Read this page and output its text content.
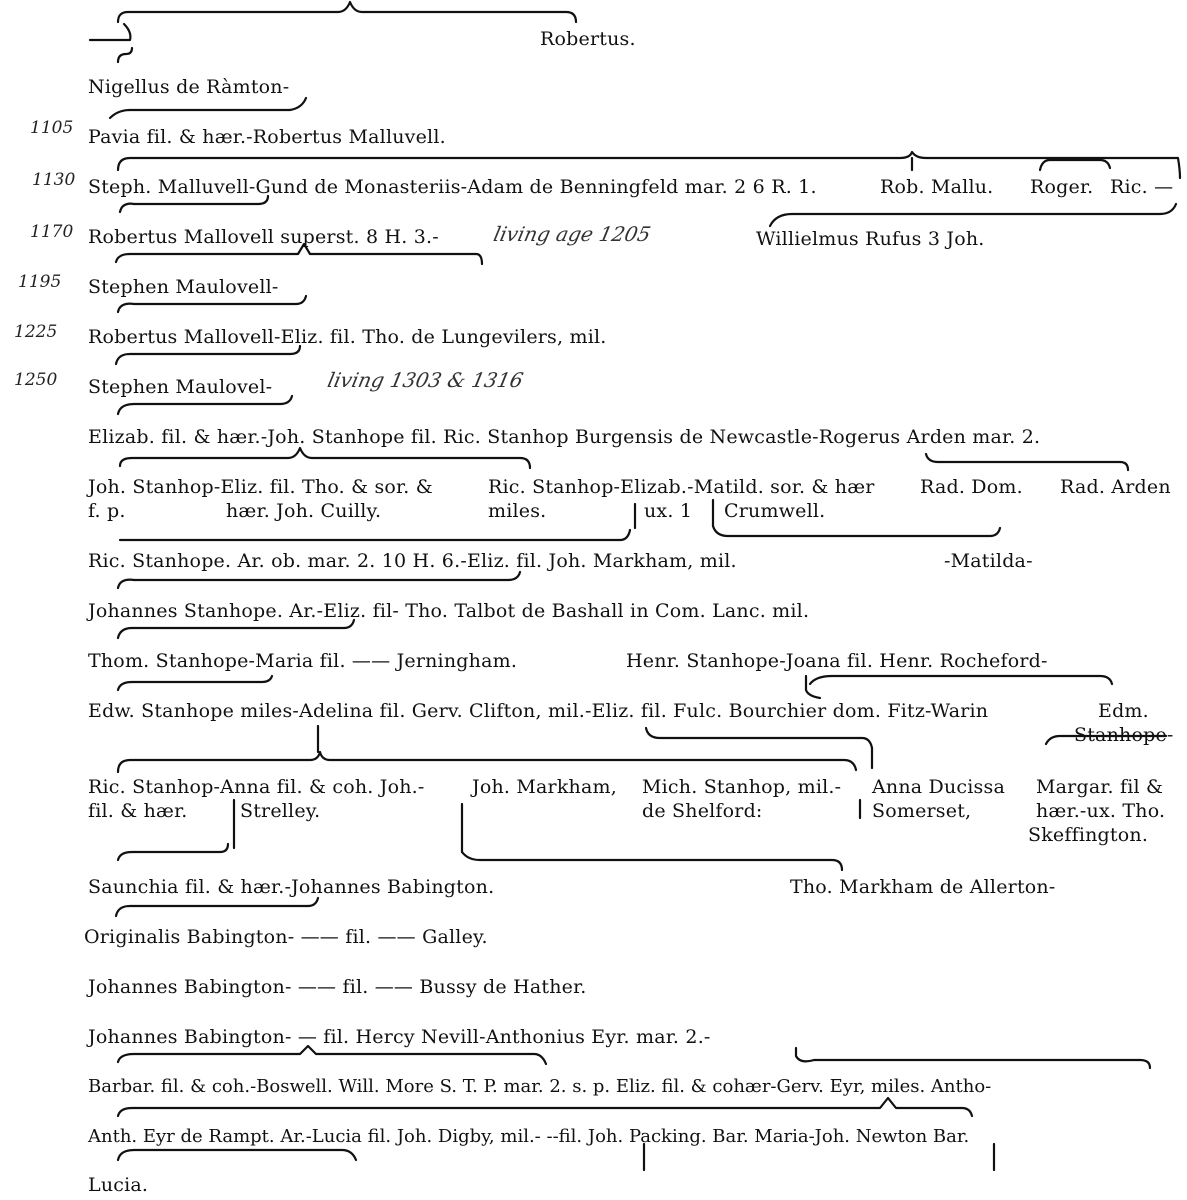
1105
1130
1170
1195
1225
1250
living age 1205
living 1303 & 1316
Robertus.
Nigellus de Ràmton-
Pavia fil. & hær.-Robertus Malluvell.
Steph. Malluvell-Gund de Monasteriis-Adam de Benningfeld mar. 2 6 R. 1.	Rob. Mallu. Roger. Ric. —
Robertus Mallovell superst. 8 H. 3.-	Willielmus Rufus 3 Joh.
Stephen Maulovell-
Robertus Mallovell-Eliz. fil. Tho. de Lungevilers, mil.
Stephen Maulovel-
Elizab. fil. & hær.-Joh. Stanhope fil. Ric. Stanhop Burgensis de Newcastle-Rogerus Arden mar. 2.
Joh. Stanhop-Eliz. fil. Tho. & sor. &	Ric. Stanhop-Elizab.-Matild. sor. & hær Rad. Dom. Rad. Arden
f. p.	hær. Joh. Cuilly.	miles.	ux. 1 Crumwell.
Ric. Stanhope. Ar. ob. mar. 2. 10 H. 6.-Eliz. fil. Joh. Markham, mil.	-Matilda-
Johannes Stanhope. Ar.-Eliz. fil- Tho. Talbot de Bashall in Com. Lanc. mil.
Thom. Stanhope-Maria fil. —— Jerningham.	Henr. Stanhope-Joana fil. Henr. Rocheford-
Edw. Stanhope miles-Adelina fil. Gerv. Clifton, mil.-Eliz. fil. Fulc. Bourchier dom. Fitz-Warin	Edm.
Stanhope-
Ric. Stanhop-Anna fil. & coh. Joh.- Joh. Markham, Mich. Stanhop, mil.- Anna Ducissa Margar. fil &
fil. & hær.	Strelley.	de Shelford:	Somerset,	hær.-ux. Tho.
Skeffington.
Saunchia fil. & hær.-Johannes Babington.	Tho. Markham de Allerton-
Originalis Babington- —— fil. —— Galley.
Johannes Babington- —— fil. —— Bussy de Hather.
Johannes Babington- — fil. Hercy Nevill-Anthonius Eyr. mar. 2.-
Barbar. fil. & coh.-Boswell. Will. More S. T. P. mar. 2. s. p. Eliz. fil. & cohær-Gerv. Eyr, miles. Antho-
Anth. Eyr de Rampt. Ar.-Lucia fil. Joh. Digby, mil.- --fil. Joh. Packing. Bar. Maria-Joh. Newton Bar.
Lucia.
